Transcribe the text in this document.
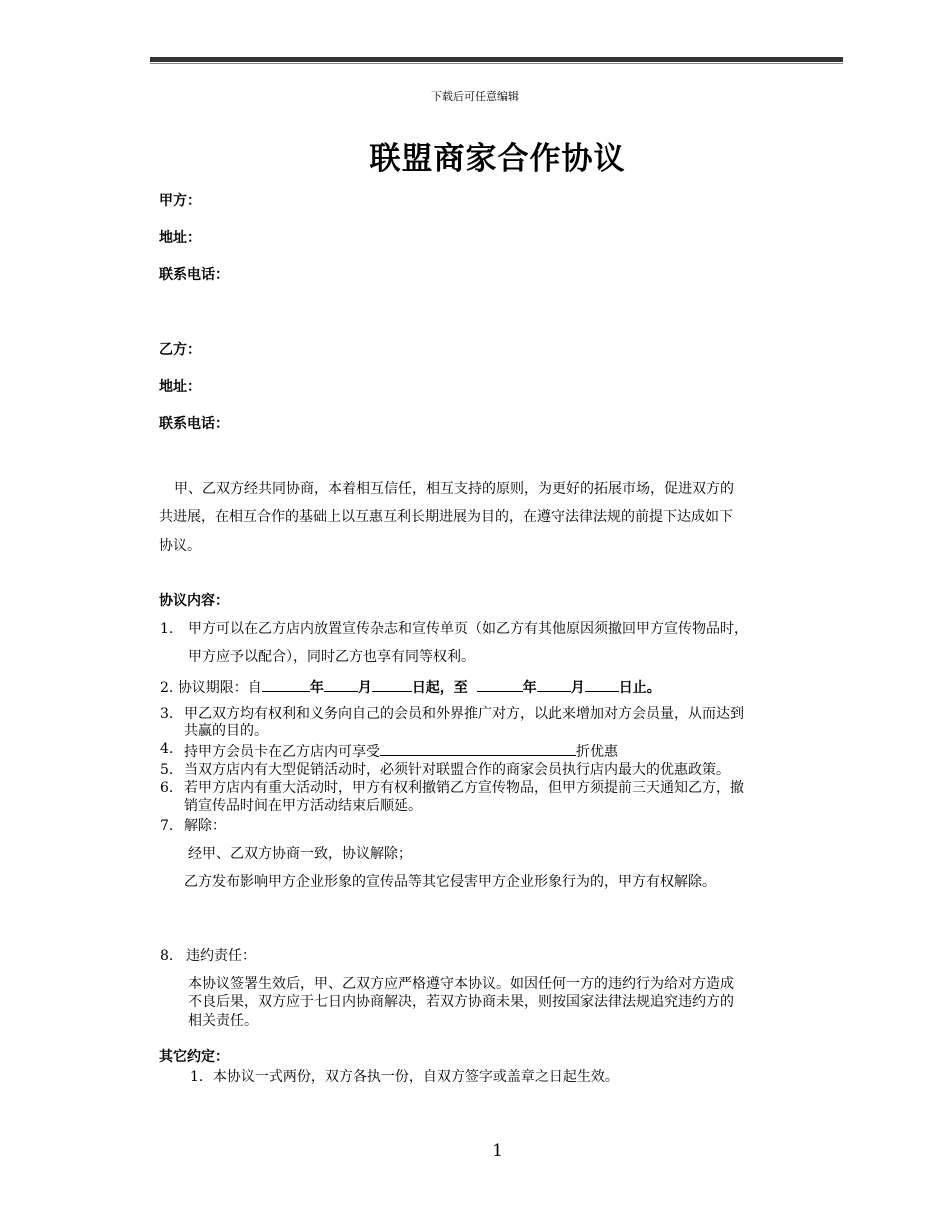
下载后可任意编辑
联盟商家合作协议
甲方：
地址：
联系电话：
乙方：
地址：
联系电话：
甲、乙双方经共同协商，本着相互信任，相互支持的原则，为更好的拓展市场，促进双方的
共进展，在相互合作的基础上以互惠互利长期进展为目的，在遵守法律法规的前提下达成如下
协议。
协议内容：
1. 甲方可以在乙方店内放置宣传杂志和宣传单页（如乙方有其他原因须撤回甲方宣传物品时，
甲方应予以配合），同时乙方也享有同等权利。
2. 协议期限：自	年 月	日起，至	年 月 日止。
3. 甲乙双方均有权利和义务向自己的会员和外界推广对方，以此来增加对方会员量，从而达到
共赢的目的。
4. 持甲方会员卡在乙方店内可享受	折优惠
5. 当双方店内有大型促销活动时，必须针对联盟合作的商家会员执行店内最大的优惠政策。
6. 若甲方店内有重大活动时，甲方有权利撤销乙方宣传物品，但甲方须提前三天通知乙方，撤
销宣传品时间在甲方活动结束后顺延。
7. 解除：
经甲、乙双方协商一致，协议解除；
乙方发布影响甲方企业形象的宣传品等其它侵害甲方企业形象行为的，甲方有权解除。
8. 违约责任：
本协议签署生效后，甲、乙双方应严格遵守本协议。如因任何一方的违约行为给对方造成
不良后果，双方应于七日内协商解决，若双方协商未果，则按国家法律法规追究违约方的
相关责任。
其它约定：
1．本协议一式两份，双方各执一份，自双方签字或盖章之日起生效。
1
